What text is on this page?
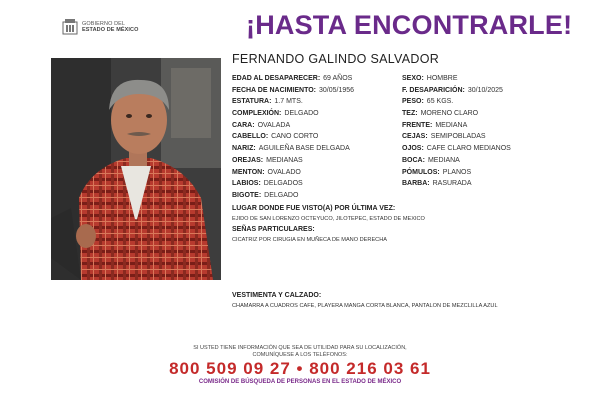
GOBIERNO DEL
ESTADO DE MÉXICO	¡HASTA ENCONTRARLE!
FERNANDO GALINDO SALVADOR
EDAD AL DESAPARECER: 69 AÑOS	SEXO: HOMBRE
FECHA DE NACIMIENTO: 30/05/1956	F. DESAPARICIÓN: 30/10/2025
ESTATURA: 1.7 MTS.	PESO: 65 KGS.
COMPLEXIÓN: DELGADO	TEZ: MORENO CLARO
CARA: OVALADA	FRENTE: MEDIANA
CABELLO: CANO CORTO	CEJAS: SEMIPOBLADAS
NARIZ: AGUILEÑA BASE DELGADA	OJOS: CAFE CLARO MEDIANOS
OREJAS: MEDIANAS	BOCA: MEDIANA
MENTON: OVALADO	PÓMULOS: PLANOS
LABIOS: DELGADOS	BARBA: RASURADA
BIGOTE: DELGADO
LUGAR DONDE FUE VISTO(A) POR ÚLTIMA VEZ:
EJIDO DE SAN LORENZO OCTEYUCO, JILOTEPEC, ESTADO DE MEXICO
SEÑAS PARTICULARES:
CICATRIZ POR CIRUGIA EN MUÑECA DE MANO DERECHA
VESTIMENTA Y CALZADO:
CHAMARRA A CUADROS CAFE, PLAYERA MANGA CORTA BLANCA, PANTALON DE MEZCLILLA AZUL
SI USTED TIENE INFORMACIÓN QUE SEA DE UTILIDAD PARA SU LOCALIZACIÓN,
COMUNÍQUESE A LOS TELÉFONOS:
800 509 09 27 • 800 216 03 61
COMISIÓN DE BÚSQUEDA DE PERSONAS EN EL ESTADO DE MÉXICO
